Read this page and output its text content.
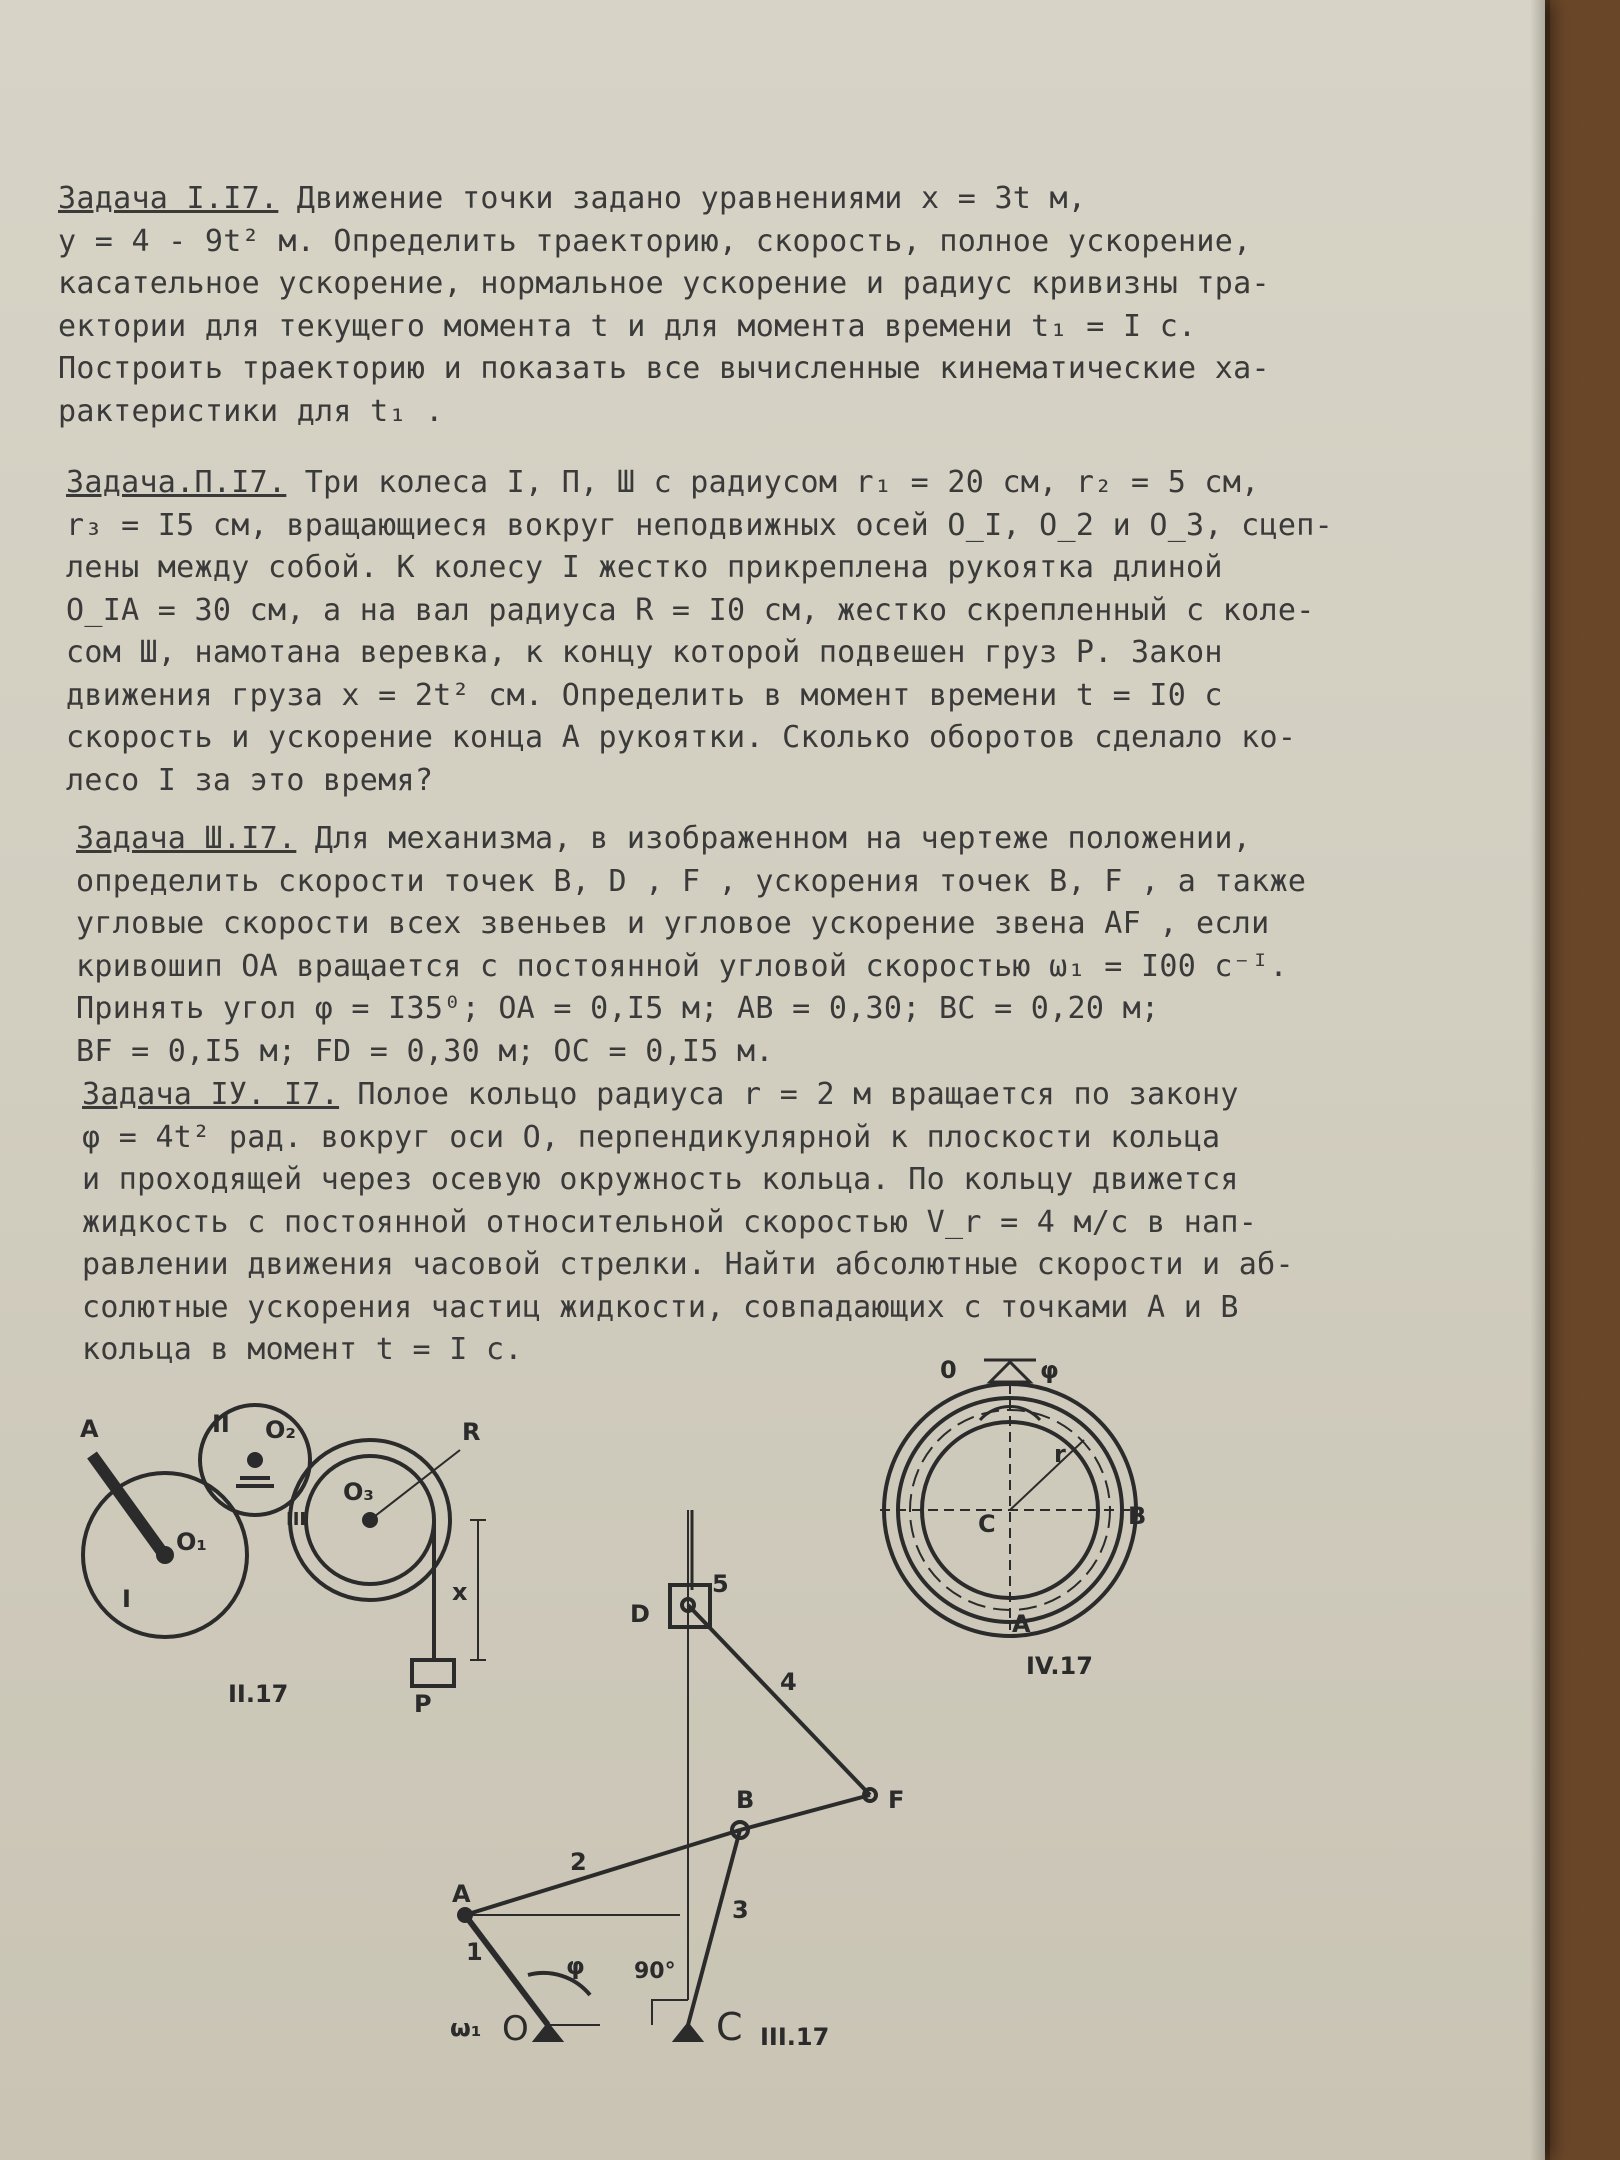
Задача I.I7. Движение точки задано уравнениями x = 3t м,

y = 4 - 9t² м. Определить траекторию, скорость, полное ускорение,

касательное ускорение, нормальное ускорение и радиус кривизны тра-

ектории для текущего момента t и для момента времени t₁ = I с.

Построить траекторию и показать все вычисленные кинематические ха-

рактеристики для t₁ .

Задача.П.I7. Три колеса I, П, Ш с радиусом r₁ = 20 см, r₂ = 5 см,

r₃ = I5 см, вращающиеся вокруг неподвижных осей O_I, O_2 и O_3, сцеп-

лены между собой. К колесу I жестко прикреплена рукоятка длиной

O_IA = 30 см, а на вал радиуса R = I0 см, жестко скрепленный с коле-

сом Ш, намотана веревка, к концу которой подвешен груз P. Закон

движения груза x = 2t² см. Определить в момент времени t = I0 с

скорость и ускорение конца A рукоятки. Сколько оборотов сделало ко-

лесо I за это время?

Задача Ш.I7. Для механизма, в изображенном на чертеже положении,

определить скорости точек B, D , F , ускорения точек B, F , а также

угловые скорости всех звеньев и угловое ускорение звена AF , если

кривошип OA вращается с постоянной угловой скоростью ω₁ = I00 с⁻ᴵ.

Принять угол φ = I35⁰; OA = 0,I5 м; AB = 0,30; BC = 0,20 м;

BF = 0,I5 м; FD = 0,30 м; OC = 0,I5 м.

Задача IУ. I7. Полое кольцо радиуса r = 2 м вращается по закону

φ = 4t² рад. вокруг оси O, перпендикулярной к плоскости кольца

и проходящей через осевую окружность кольца. По кольцу движется

жидкость с постоянной относительной скоростью V_r = 4 м/с в нап-

равлении движения часовой стрелки. Найти абсолютные скорости и аб-

солютные ускорения частиц жидкости, совпадающих с точками A и B

кольца в момент t = I с.

A	II O₂	R
O₃
III
O₁
I	x
P
II.17
D
5
4
B	F
2
A
3
1	φ 90°
ω₁ O	C III.17
0	φ
r
C	B
A
IV.17
